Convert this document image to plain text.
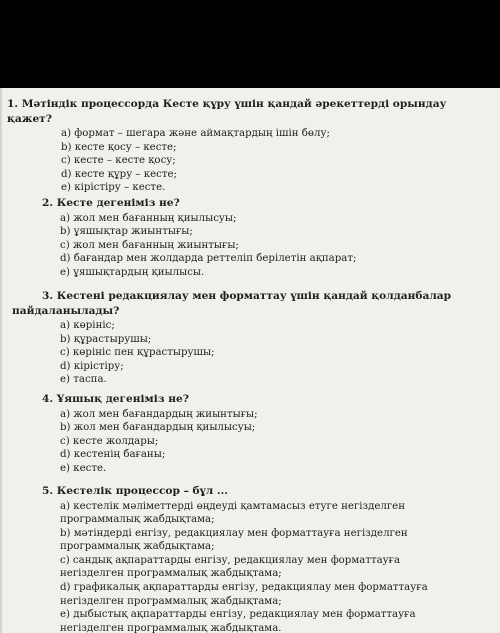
1. Мәтіндік процессорда Кесте құру үшін қандай әрекеттерді орындау
қажет?

a) формат – шегара және аймақтардың ішін бөлу;
b) кесте қосу – кесте;
c) кесте – кесте қосу;
d) кесте құру – кесте;
e) кірістіру – кесте.

2. Кесте дегеніміз не?

a) жол мен бағанның қиылысуы;
b) ұяшықтар жиынтығы;
c) жол мен бағанның жиынтығы;
d) бағандар мен жолдарда реттеліп берілетін ақпарат;
e) ұяшықтардың қиылысы.

3. Кестені редакциялау мен форматтау үшін қандай қолданбалар
пайдаланылады?

a) көрініс;
b) құрастырушы;
c) көрініс пен құрастырушы;
d) кірістіру;
e) таспа.

4. Ұяшық дегеніміз не?

a) жол мен бағандардың жиынтығы;
b) жол мен бағандардың қиылысуы;
c) кесте жолдары;
d) кестенің бағаны;
e) кесте.

5. Кестелік процессор – бұл ...

a) кестелік мәліметтерді өңдеуді қамтамасыз етуге негізделген программалық жабдықтама;
b) мәтіндерді енгізу, редакциялау мен форматтауға негізделген программалық жабдықтама;
c) сандық ақпараттарды енгізу, редакциялау мен форматтауға негізделген программалық жабдықтама;
d) графикалық ақпараттарды енгізу, редакциялау мен форматтауға негізделген программалық жабдықтама;
e) дыбыстық ақпараттарды енгізу, редакциялау мен форматтауға негізделген программалық жабдықтама.
